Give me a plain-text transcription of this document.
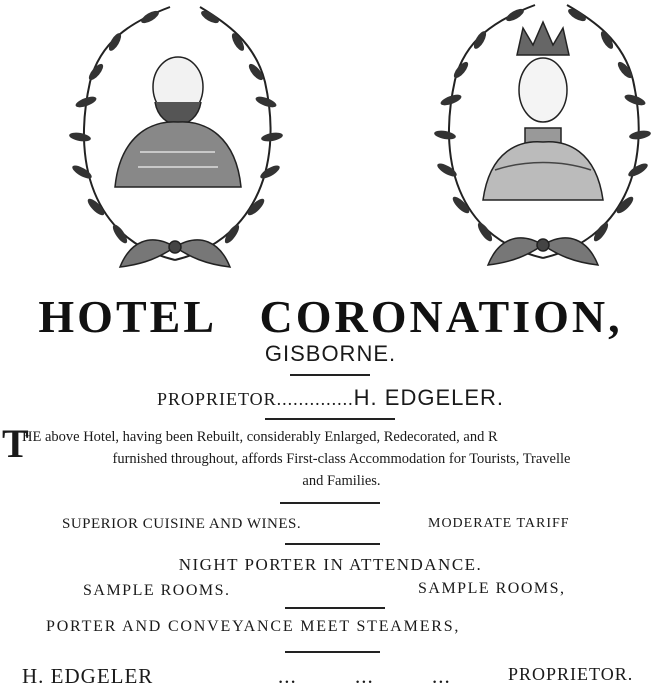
HOTEL CORONATION,
GISBORNE.
PROPRIETOR..............H. EDGELER.
T
HE above Hotel, having been Rebuilt, considerably Enlarged, Redecorated, and R
furnished throughout, affords First-class Accommodation for Tourists, Travelle
and Families.
SUPERIOR CUISINE AND WINES.	MODERATE TARIFF
NIGHT PORTER IN ATTENDANCE.
SAMPLE ROOMS.	SAMPLE ROOMS,
PORTER AND CONVEYANCE MEET STEAMERS,
H. EDGELER	...	...	...	PROPRIETOR.
